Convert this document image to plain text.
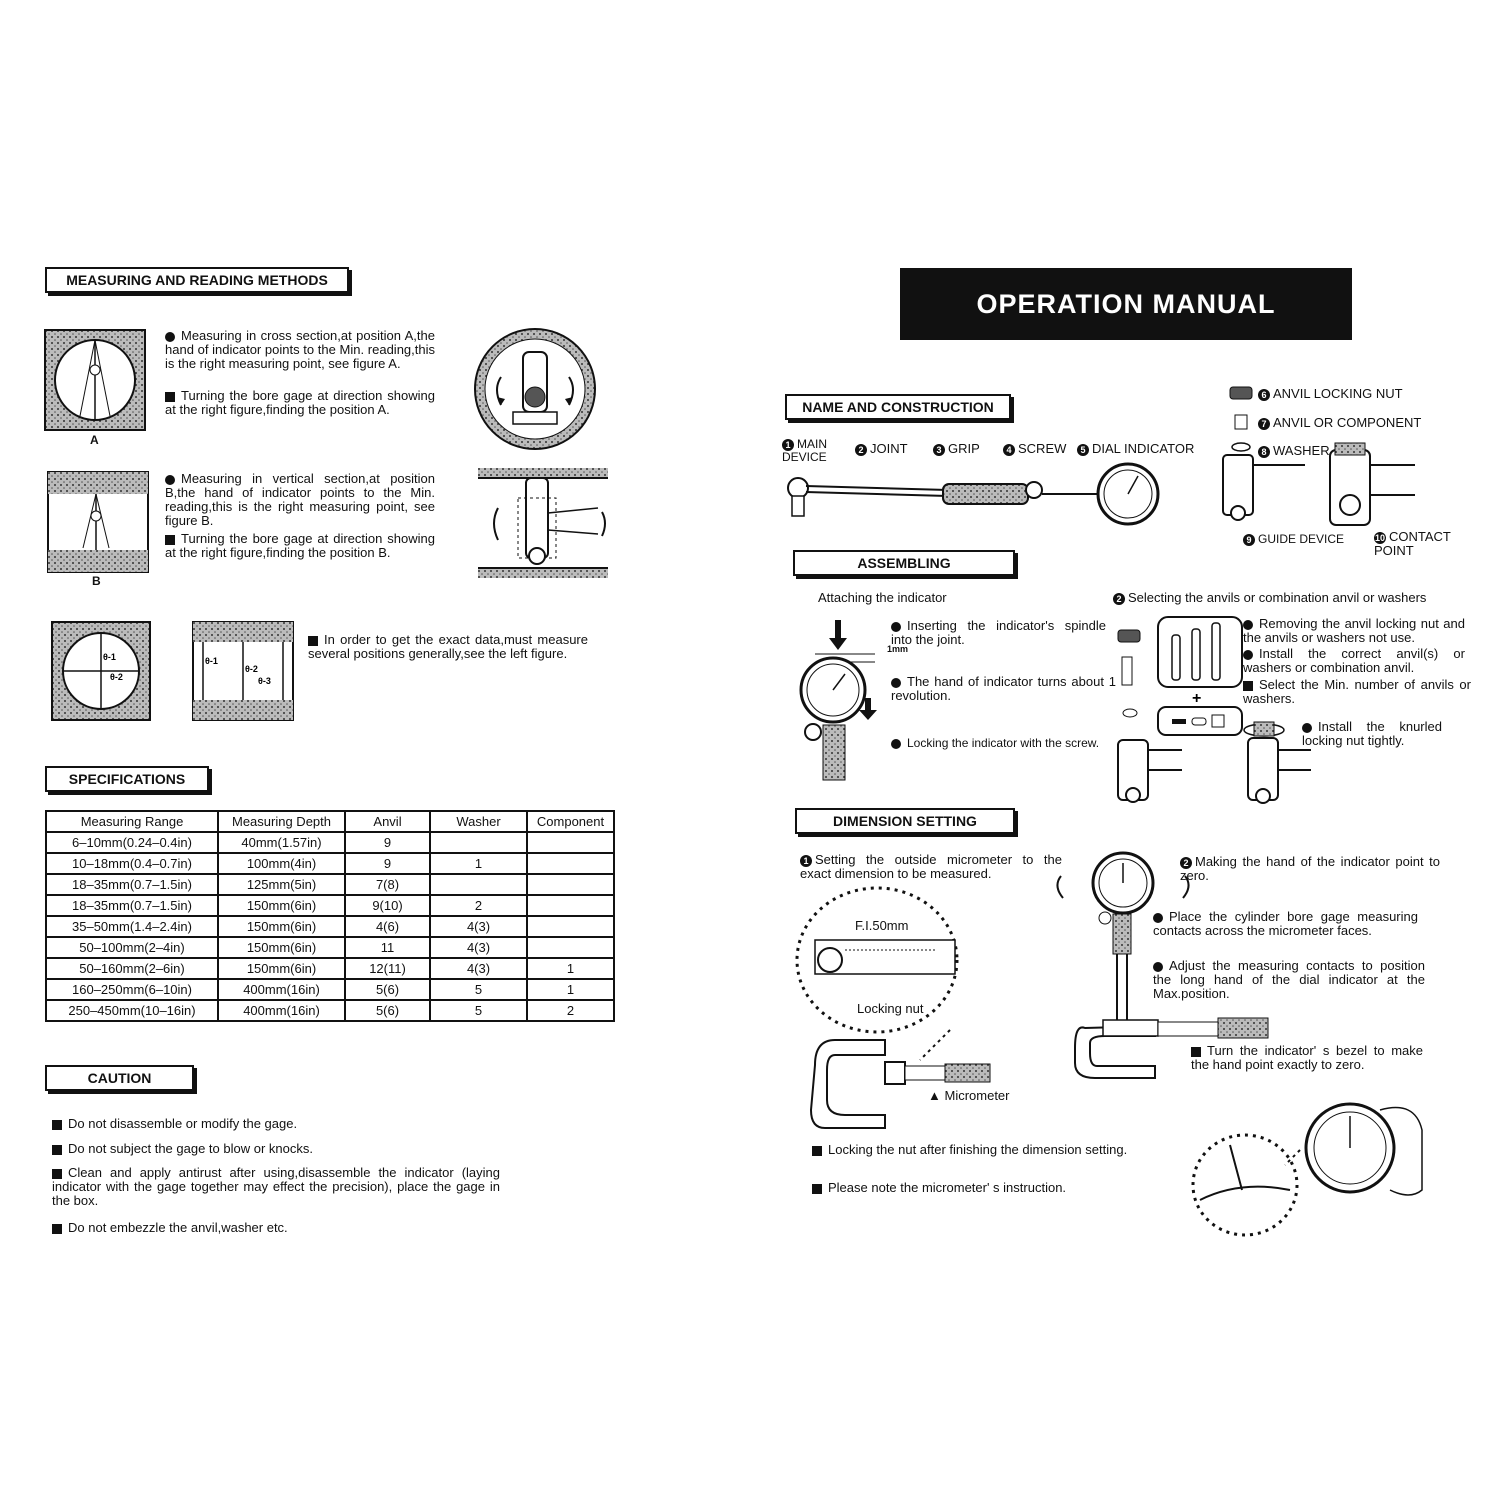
MEASURING AND READING METHODS
A
Measuring in cross section,at position A,the hand of indicator points to the Min. reading,this is the right measuring point, see figure A.
Turning the bore gage at direction showing at the right figure,finding the position A.
B
Measuring in vertical section,at position B,the hand of indicator points to the Min. reading,this is the right measuring point, see figure B.
Turning the bore gage at direction showing at the right figure,finding the position B.
θ-1
θ-2
θ-1
θ-2
θ-3
In order to get the exact data,must measure several positions generally,see the left figure.
SPECIFICATIONS
Measuring Range	Measuring Depth	Anvil	Washer	Component
6–10mm(0.24–0.4in)	40mm(1.57in)	9		
10–18mm(0.4–0.7in)	100mm(4in)	9	1	
18–35mm(0.7–1.5in)	125mm(5in)	7(8)		
18–35mm(0.7–1.5in)	150mm(6in)	9(10)	2	
35–50mm(1.4–2.4in)	150mm(6in)	4(6)	4(3)	
50–100mm(2–4in)	150mm(6in)	11	4(3)	
50–160mm(2–6in)	150mm(6in)	12(11)	4(3)	1
160–250mm(6–10in)	400mm(16in)	5(6)	5	1
250–450mm(10–16in)	400mm(16in)	5(6)	5	2
CAUTION
Do not disassemble or modify the gage.
Do not subject the gage to blow or knocks.
Clean and apply antirust after using,disassemble the indicator (laying indicator with the gage together may effect the precision), place the gage in the box.
Do not embezzle the anvil,washer etc.
OPERATION MANUAL
NAME AND CONSTRUCTION
1 MAIN DEVICE
2 JOINT	3 GRIP	4 SCREW	5 DIAL INDICATOR
6 ANVIL LOCKING NUT
7 ANVIL OR COMPONENT
8 WASHER
9 GUIDE DEVICE	10 CONTACT POINT
ASSEMBLING
Attaching the indicator	2 Selecting the anvils or combination anvil or washers
1mm
Inserting the indicator's spindle into the joint.
The hand of indicator turns about 1 revolution.
Locking the indicator with the screw.
+
Removing the anvil locking nut and the anvils or washers not use.
Install the correct anvil(s) or washers or combination anvil.
Select the Min. number of anvils or washers.
Install the knurled locking nut tightly.
DIMENSION SETTING
1 Setting the outside micrometer to the exact dimension to be measured.
2 Making the hand of the indicator point to zero.
F.I.50mm
Locking nut
▲ Micrometer
Place the cylinder bore gage measuring contacts across the micrometer faces.
Adjust the measuring contacts to position the long hand of the dial indicator at the Max.position.
Turn the indicator' s bezel to make the hand point exactly to zero.
Locking the nut after finishing the dimension setting.
Please note the micrometer' s instruction.
